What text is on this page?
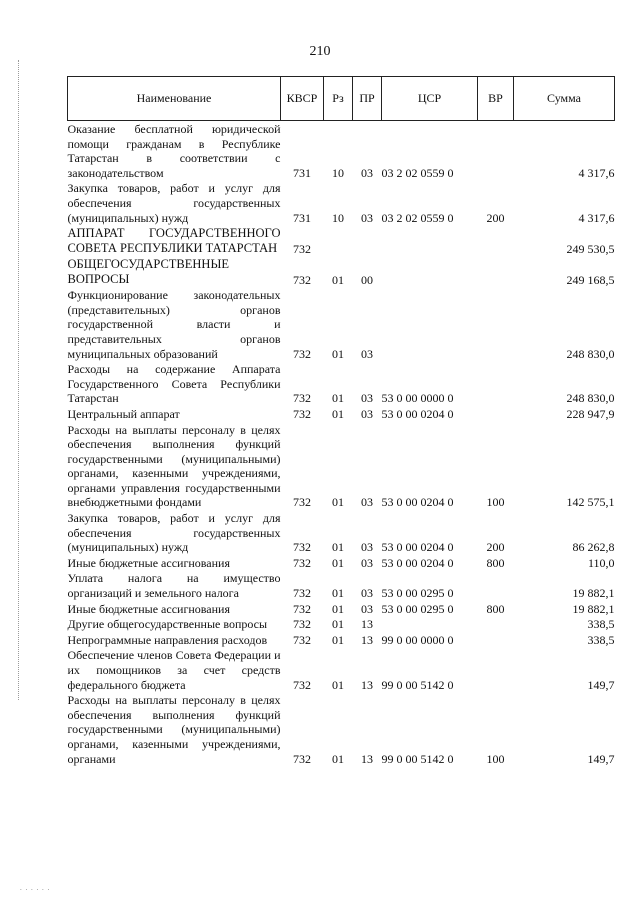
. . . . . .
210
Наименование	КВСР	Рз	ПР	ЦСР	ВР	Сумма
Оказание бесплатной юридической помощи гражданам в Республике Татарстан в соответствии с законодательством	731	10	03	03 2 02 0559 0		4 317,6
Закупка товаров, работ и услуг для обеспечения государственных (муниципальных) нужд	731	10	03	03 2 02 0559 0	200	4 317,6
АППАРАТ ГОСУДАРСТВЕННОГО СОВЕТА РЕСПУБЛИКИ ТАТАРСТАН	732					249 530,5
ОБЩЕГОСУДАРСТВЕННЫЕ ВОПРОСЫ	732	01	00			249 168,5
Функционирование законодательных (представительных) органов государственной власти и представительных органов муниципальных образований	732	01	03			248 830,0
Расходы на содержание Аппарата Государственного Совета Республики Татарстан	732	01	03	53 0 00 0000 0		248 830,0
Центральный аппарат	732	01	03	53 0 00 0204 0		228 947,9
Расходы на выплаты персоналу в целях обеспечения выполнения функций государственными (муниципальными) органами, казенными учреждениями, органами управления государственными внебюджетными фондами	732	01	03	53 0 00 0204 0	100	142 575,1
Закупка товаров, работ и услуг для обеспечения государственных (муниципальных) нужд	732	01	03	53 0 00 0204 0	200	86 262,8
Иные бюджетные ассигнования	732	01	03	53 0 00 0204 0	800	110,0
Уплата налога на имущество организаций и земельного налога	732	01	03	53 0 00 0295 0		19 882,1
Иные бюджетные ассигнования	732	01	03	53 0 00 0295 0	800	19 882,1
Другие общегосударственные вопросы	732	01	13			338,5
Непрограммные направления расходов	732	01	13	99 0 00 0000 0		338,5
Обеспечение членов Совета Федерации и их помощников за счет средств федерального бюджета	732	01	13	99 0 00 5142 0		149,7
Расходы на выплаты персоналу в целях обеспечения выполнения функций государственными (муниципальными) органами, казенными учреждениями, органами	732	01	13	99 0 00 5142 0	100	149,7
